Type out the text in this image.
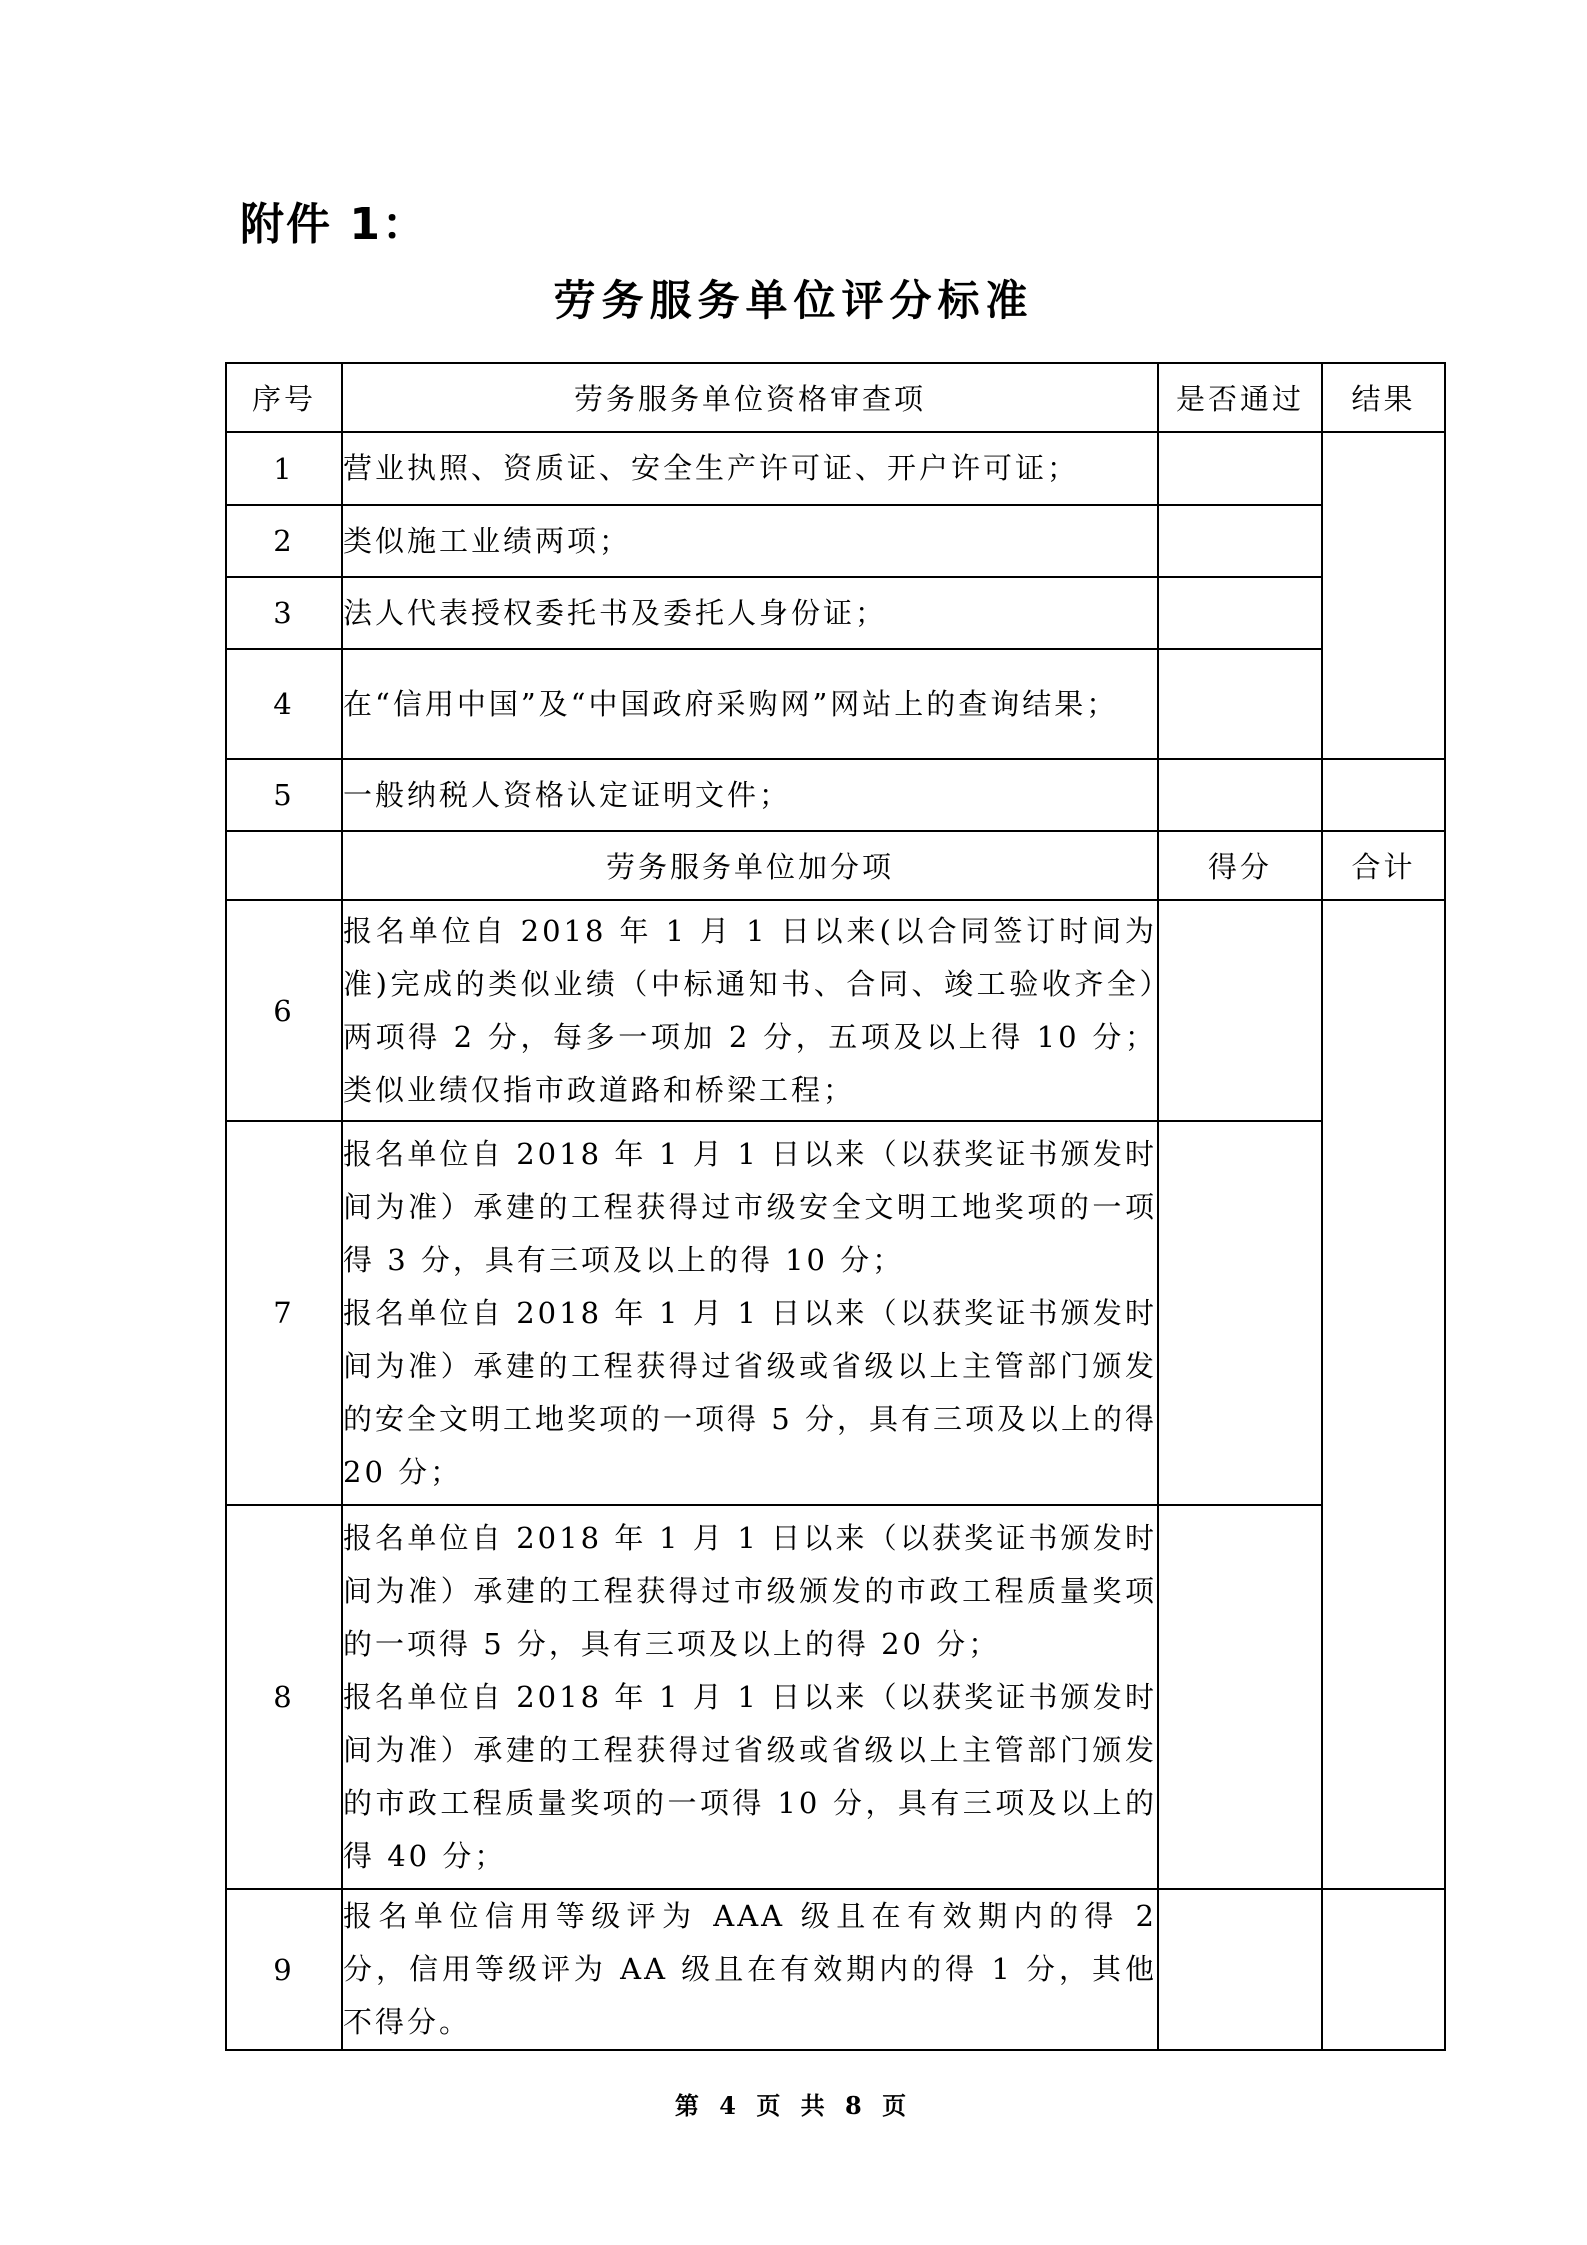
附件 1：
劳务服务单位评分标准
序号	劳务服务单位资格审查项	是否通过	结果
1	营业执照、资质证、安全生产许可证、开户许可证；		
2	类似施工业绩两项；		
3	法人代表授权委托书及委托人身份证；		
4	在“信用中国”及“中国政府采购网”网站上的查询结果；		
5	一般纳税人资格认定证明文件；		
	劳务服务单位加分项	得分	合计
6	报名单位自 2018 年 1 月 1 日以来(以合同签订时间为准)完成的类似业绩（中标通知书、合同、竣工验收齐全）两项得 2 分，每多一项加 2 分，五项及以上得 10 分；类似业绩仅指市政道路和桥梁工程；		
7	报名单位自 2018 年 1 月 1 日以来（以获奖证书颁发时间为准）承建的工程获得过市级安全文明工地奖项的一项得 3 分，具有三项及以上的得 10 分；
报名单位自 2018 年 1 月 1 日以来（以获奖证书颁发时间为准）承建的工程获得过省级或省级以上主管部门颁发的安全文明工地奖项的一项得 5 分，具有三项及以上的得 20 分；		
8	报名单位自 2018 年 1 月 1 日以来（以获奖证书颁发时间为准）承建的工程获得过市级颁发的市政工程质量奖项的一项得 5 分，具有三项及以上的得 20 分；
报名单位自 2018 年 1 月 1 日以来（以获奖证书颁发时间为准）承建的工程获得过省级或省级以上主管部门颁发的市政工程质量奖项的一项得 10 分，具有三项及以上的得 40 分；		
9	报名单位信用等级评为 AAA 级且在有效期内的得 2 分，信用等级评为 AA 级且在有效期内的得 1 分，其他不得分。		
第 4 页 共 8 页
